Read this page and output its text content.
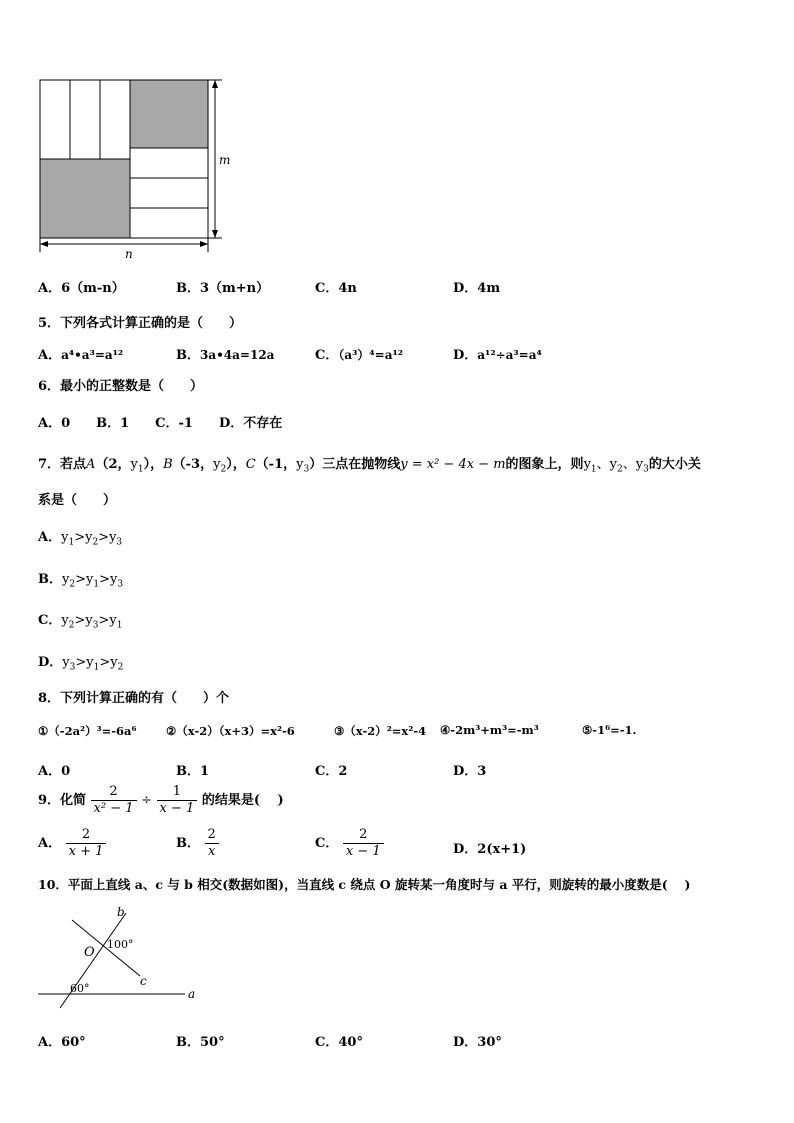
m
n
A．6（m-n）	B．3（m+n）	C．4n	D．4m
5．下列各式计算正确的是（　　）
A．a⁴•a³=a¹²	B．3a•4a=12a	C．（a³）⁴=a¹²	D．a¹²÷a³=a⁴
6．最小的正整数是（　　）
A．0　　B．1　　C．-1　　D．不存在
7．若点A（2，$y_1$），B（-3，$y_2$），C（-1，$y_3$）三点在抛物线y = x² − 4x − m的图象上，则$y_1$、$y_2$、$y_3$的大小关
系是（　　）
A．$y_1>y_2>y_3$
B．$y_2>y_1>y_3$
C．$y_2>y_3>y_1$
D．$y_3>y_1>y_2$
8．下列计算正确的有（　　）个
①（-2a²）³=-6a⁶	②（x-2）（x+3）=x²-6	③（x-2）²=x²-4 ④-2m³+m³=-m³	⑤-1⁶=-1.
A．0	B．1	C．2	D．3
9．化简 $\frac{2}{\text{x² − 1}} \div \frac{1}{x - 1}$ 的结果是(　 )
A． $\frac{2}{x + 1}$	B． $\frac{2}{x}$	C． $\frac{2}{x - 1}$	D．2(x+1)
10．平面上直线 a、c 与 b 相交(数据如图)，当直线 c 绕点 O 旋转某一角度时与 a 平行，则旋转的最小度数是(　 )
b
O
100°
c
60°	a
A．60°	B．50°	C．40°	D．30°
